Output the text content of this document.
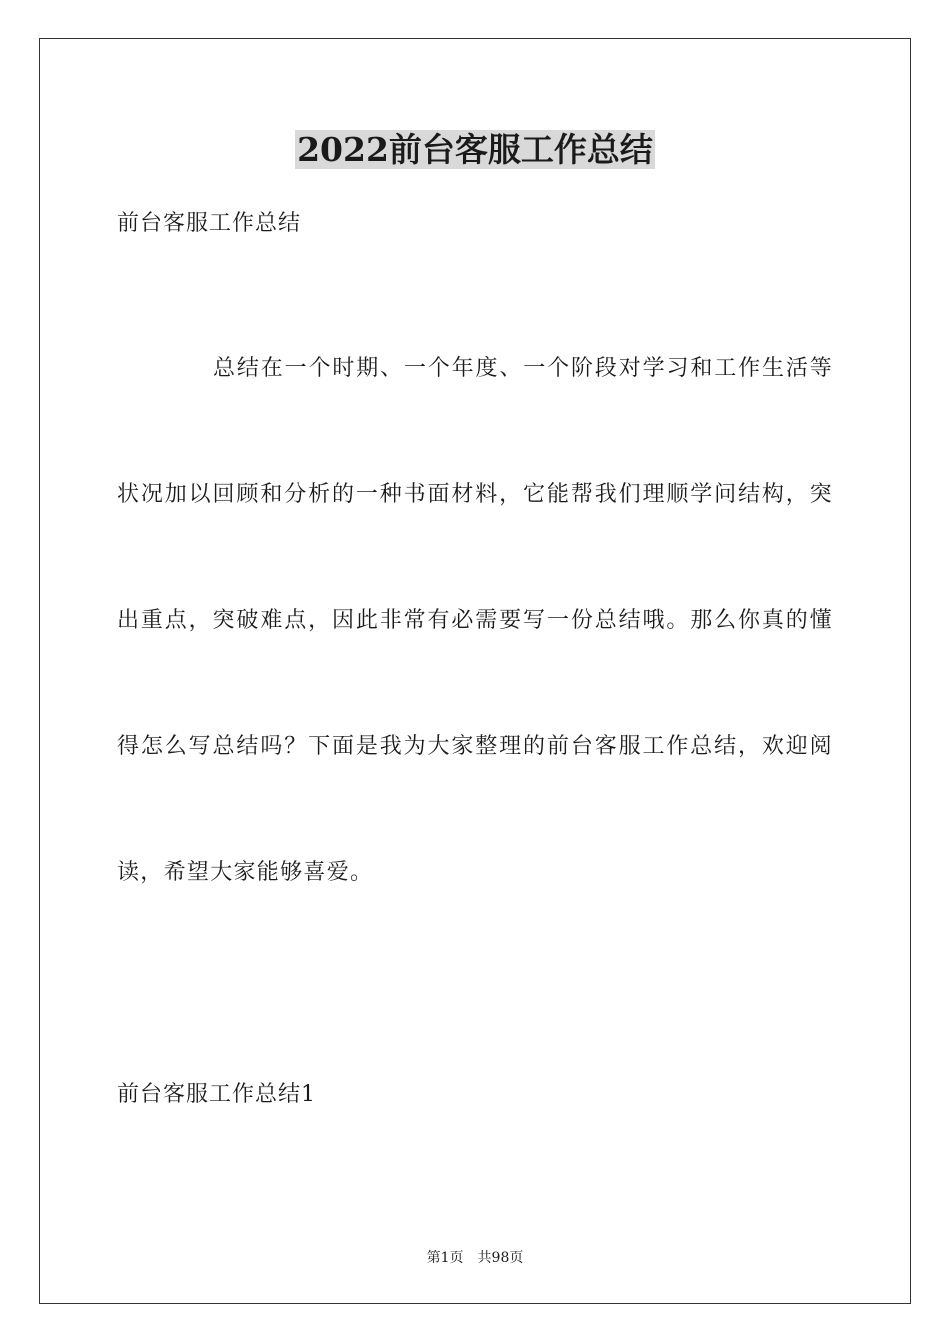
2022前台客服工作总结
前台客服工作总结

总结在一个时期、一个年度、一个阶段对学习和工作生活等状况加以回顾和分析的一种书面材料，它能帮我们理顺学问结构，突出重点，突破难点，因此非常有必需要写一份总结哦。那么你真的懂得怎么写总结吗？下面是我为大家整理的前台客服工作总结，欢迎阅读，希望大家能够喜爱。

前台客服工作总结1
第1页 共98页
